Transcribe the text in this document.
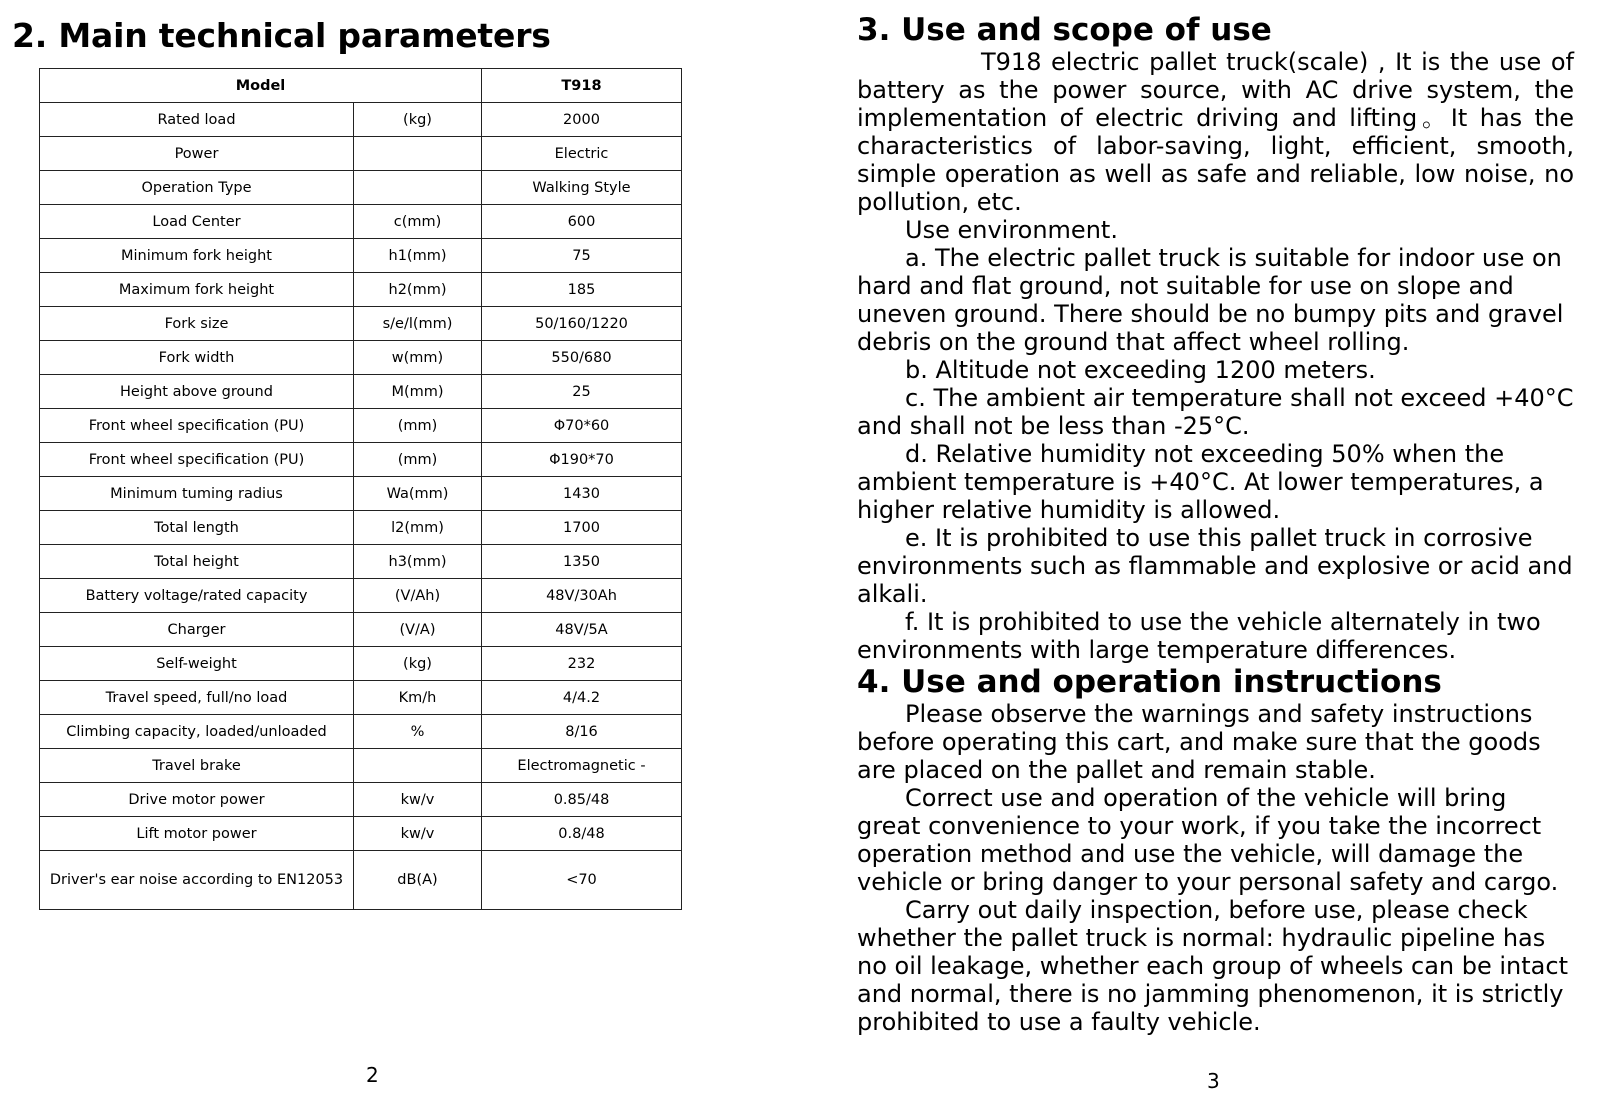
2. Main technical parameters
Model		T918
Rated load	(kg)	2000
Power		Electric
Operation Type		Walking Style
Load Center	c(mm)	600
Minimum fork height	h1(mm)	75
Maximum fork height	h2(mm)	185
Fork size	s/e/l(mm)	50/160/1220
Fork width	w(mm)	550/680
Height above ground	M(mm)	25
Front wheel specification (PU)	(mm)	Φ70*60
Front wheel specification (PU)	(mm)	Φ190*70
Minimum tuming radius	Wa(mm)	1430
Total length	l2(mm)	1700
Total height	h3(mm)	1350
Battery voltage/rated capacity	(V/Ah)	48V/30Ah
Charger	(V/A)	48V/5A
Self-weight	(kg)	232
Travel speed, full/no load	Km/h	4/4.2
Climbing capacity, loaded/unloaded	%	8/16
Travel brake		Electromagnetic -
Drive motor power	kw/v	0.85/48
Lift motor power	kw/v	0.8/48
Driver's ear noise according to EN12053	dB(A)	<70
2
3. Use and scope of use

T918 electric pallet truck(scale) , It is the use of battery as the power source, with AC drive system, the implementation of electric driving and lifting。It has the characteristics of labor-saving, light, efficient, smooth, simple operation as well as safe and reliable, low noise, no pollution, etc.

Use environment.

a. The electric pallet truck is suitable for indoor use on hard and flat ground, not suitable for use on slope and uneven ground. There should be no bumpy pits and gravel debris on the ground that affect wheel rolling.

b. Altitude not exceeding 1200 meters.

c. The ambient air temperature shall not exceed +40°C and shall not be less than -25°C.

d. Relative humidity not exceeding 50% when the ambient temperature is +40°C. At lower temperatures, a higher relative humidity is allowed.

e. It is prohibited to use this pallet truck in corrosive environments such as flammable and explosive or acid and alkali.

f. It is prohibited to use the vehicle alternately in two environments with large temperature differences.

4. Use and operation instructions

Please observe the warnings and safety instructions before operating this cart, and make sure that the goods are placed on the pallet and remain stable.

Correct use and operation of the vehicle will bring great convenience to your work, if you take the incorrect operation method and use the vehicle, will damage the vehicle or bring danger to your personal safety and cargo.

Carry out daily inspection, before use, please check whether the pallet truck is normal: hydraulic pipeline has no oil leakage, whether each group of wheels can be intact and normal, there is no jamming phenomenon, it is strictly prohibited to use a faulty vehicle.

3
